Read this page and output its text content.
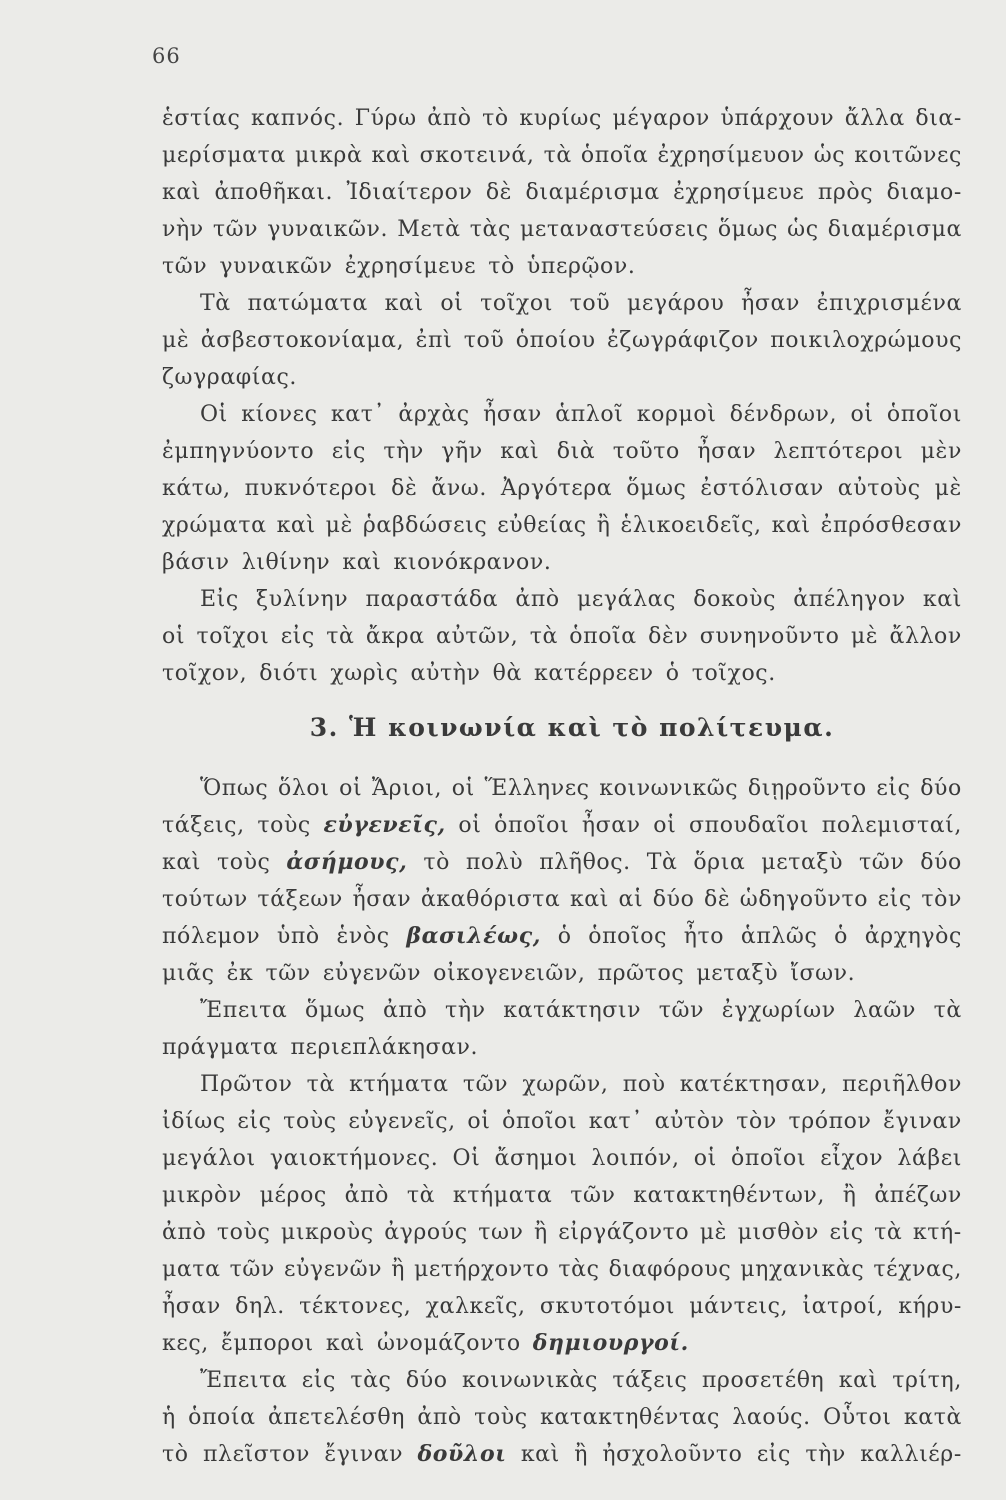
66
ἑστίας καπνός. Γύρω ἀπὸ τὸ κυρίως μέγαρον ὑπάρχουν ἄλλα δια-
μερίσματα μικρὰ καὶ σκοτεινά, τὰ ὁποῖα ἐχρησίμευον ὡς κοιτῶνες
καὶ ἀποθῆκαι. Ἰδιαίτερον δὲ διαμέρισμα ἐχρησίμευε πρὸς διαμο-
νὴν τῶν γυναικῶν. Μετὰ τὰς μεταναστεύσεις ὅμως ὡς διαμέρισμα
τῶν γυναικῶν ἐχρησίμευε τὸ ὑπερῷον.
Τὰ πατώματα καὶ οἱ τοῖχοι τοῦ μεγάρου ἦσαν ἐπιχρισμένα
μὲ ἀσβεστοκονίαμα, ἐπὶ τοῦ ὁποίου ἐζωγράφιζον ποικιλοχρώμους
ζωγραφίας.
Οἱ κίονες κατ᾽ ἀρχὰς ἦσαν ἁπλοῖ κορμοὶ δένδρων, οἱ ὁποῖοι
ἐμπηγνύοντο εἰς τὴν γῆν καὶ διὰ τοῦτο ἦσαν λεπτότεροι μὲν
κάτω, πυκνότεροι δὲ ἄνω. Ἀργότερα ὅμως ἐστόλισαν αὐτοὺς μὲ
χρώματα καὶ μὲ ῥαβδώσεις εὐθείας ἢ ἑλικοειδεῖς, καὶ ἐπρόσθεσαν
βάσιν λιθίνην καὶ κιονόκρανον.
Εἰς ξυλίνην παραστάδα ἀπὸ μεγάλας δοκοὺς ἀπέληγον καὶ
οἱ τοῖχοι εἰς τὰ ἄκρα αὐτῶν, τὰ ὁποῖα δὲν συνηνοῦντο μὲ ἄλλον
τοῖχον, διότι χωρὶς αὐτὴν θὰ κατέρρεεν ὁ τοῖχος.
3. Ἡ κοινωνία καὶ τὸ πολίτευμα.
Ὅπως ὅλοι οἱ Ἄριοι, οἱ Ἕλληνες κοινωνικῶς διῃροῦντο εἰς δύο
τάξεις, τοὺς εὐγενεῖς, οἱ ὁποῖοι ἦσαν οἱ σπουδαῖοι πολεμισταί,
καὶ τοὺς ἀσήμους, τὸ πολὺ πλῆθος. Τὰ ὅρια μεταξὺ τῶν δύο
τούτων τάξεων ἦσαν ἀκαθόριστα καὶ αἱ δύο δὲ ὡδηγοῦντο εἰς τὸν
πόλεμον ὑπὸ ἑνὸς βασιλέως, ὁ ὁποῖος ἦτο ἁπλῶς ὁ ἀρχηγὸς
μιᾶς ἐκ τῶν εὐγενῶν οἰκογενειῶν, πρῶτος μεταξὺ ἴσων.
Ἔπειτα ὅμως ἀπὸ τὴν κατάκτησιν τῶν ἐγχωρίων λαῶν τὰ
πράγματα περιεπλάκησαν.
Πρῶτον τὰ κτήματα τῶν χωρῶν, ποὺ κατέκτησαν, περιῆλθον
ἰδίως εἰς τοὺς εὐγενεῖς, οἱ ὁποῖοι κατ᾽ αὐτὸν τὸν τρόπον ἔγιναν
μεγάλοι γαιοκτήμονες. Οἱ ἄσημοι λοιπόν, οἱ ὁποῖοι εἶχον λάβει
μικρὸν μέρος ἀπὸ τὰ κτήματα τῶν κατακτηθέντων, ἢ ἀπέζων
ἀπὸ τοὺς μικροὺς ἀγρούς των ἢ εἰργάζοντο μὲ μισθὸν εἰς τὰ κτή-
ματα τῶν εὐγενῶν ἢ μετήρχοντο τὰς διαφόρους μηχανικὰς τέχνας,
ἦσαν δηλ. τέκτονες, χαλκεῖς, σκυτοτόμοι μάντεις, ἰατροί, κήρυ-
κες, ἔμποροι καὶ ὠνομάζοντο δημιουργοί.
Ἔπειτα εἰς τὰς δύο κοινωνικὰς τάξεις προσετέθη καὶ τρίτη,
ἡ ὁποία ἀπετελέσθη ἀπὸ τοὺς κατακτηθέντας λαούς. Οὗτοι κατὰ
τὸ πλεῖστον ἔγιναν δοῦλοι καὶ ἢ ἠσχολοῦντο εἰς τὴν καλλιέρ-
